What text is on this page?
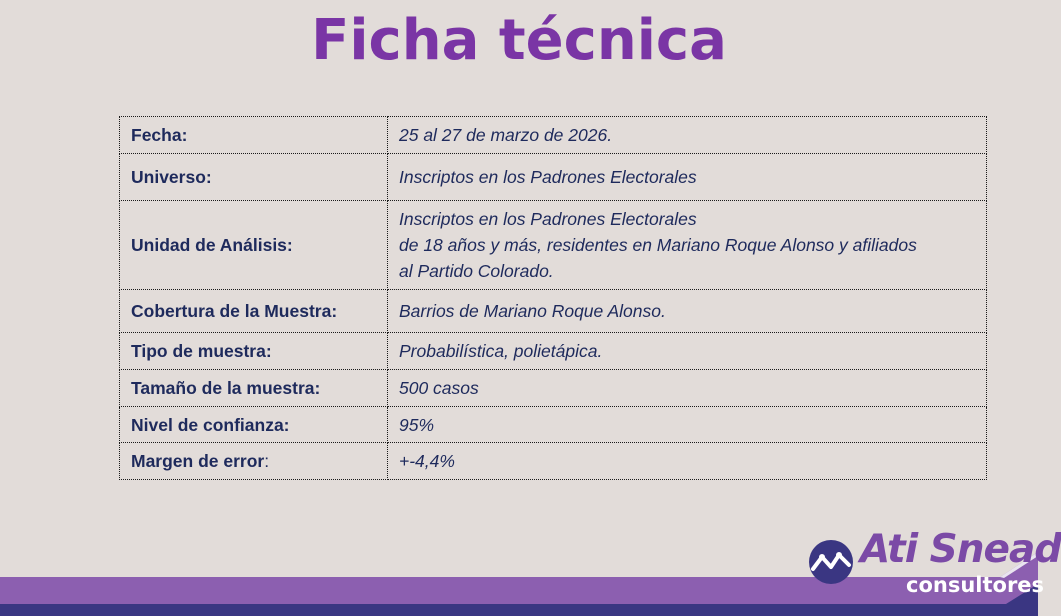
Ficha técnica
Fecha:	25 al 27 de marzo de 2026.

Universo:	Inscriptos en los Padrones Electorales

Unidad de Análisis:	Inscriptos en los Padrones Electorales
de 18 años y más, residentes en Mariano Roque Alonso y afiliados
al Partido Colorado.

Cobertura de la Muestra:	Barrios de Mariano Roque Alonso.

Tipo de muestra:	Probabilística, polietápica.

Tamaño de la muestra:	500 casos

Nivel de confianza:	95%

Margen de error:	+-4,4%
Ati Snead
consultores
